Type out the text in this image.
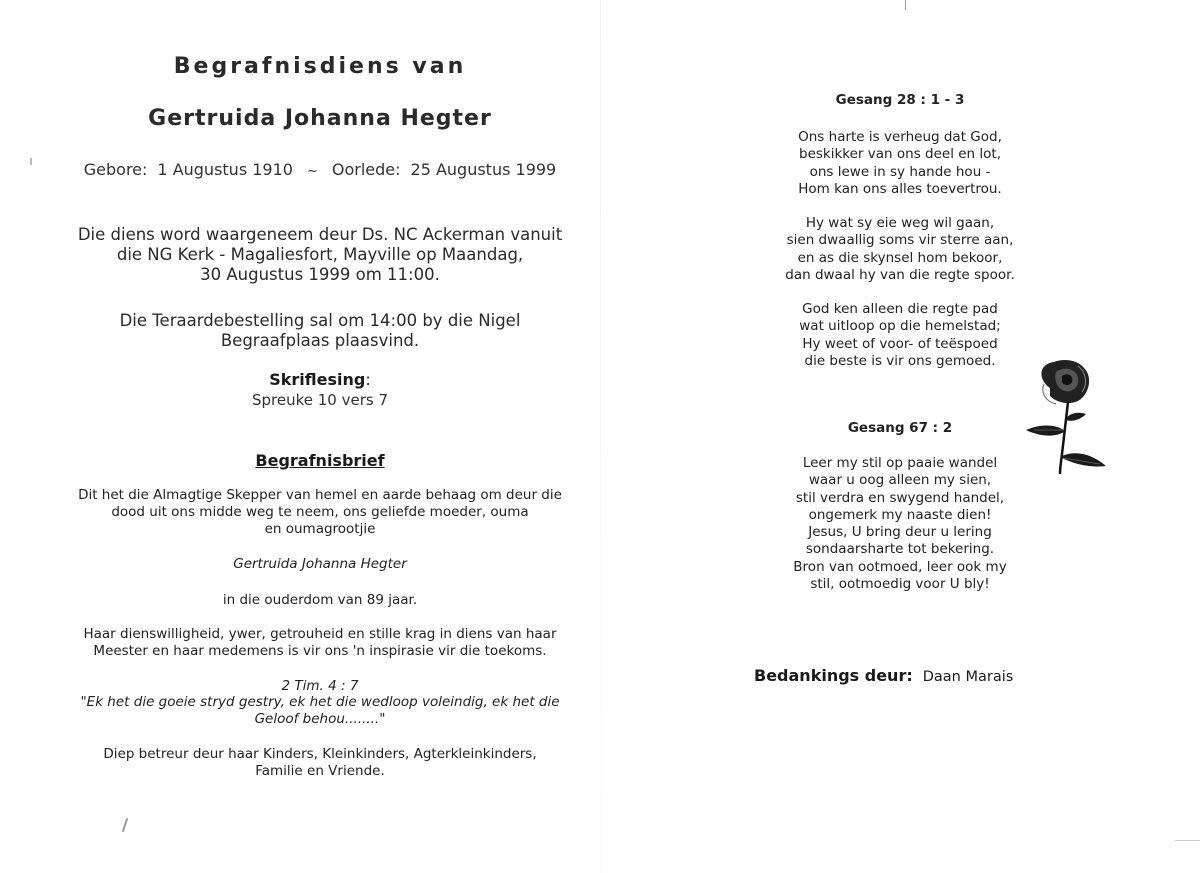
Begrafnisdiens van
Gertruida Johanna Hegter
Gebore: 1 Augustus 1910 ~ Oorlede: 25 Augustus 1999
Die diens word waargeneem deur Ds. NC Ackerman vanuit
die NG Kerk - Magaliesfort, Mayville op Maandag,
30 Augustus 1999 om 11:00.
Die Teraardebestelling sal om 14:00 by die Nigel
Begraafplaas plaasvind.
Skriflesing:
Spreuke 10 vers 7
Begrafnisbrief
Dit het die Almagtige Skepper van hemel en aarde behaag om deur die
dood uit ons midde weg te neem, ons geliefde moeder, ouma
en oumagrootjie
Gertruida Johanna Hegter
in die ouderdom van 89 jaar.
Haar dienswilligheid, ywer, getrouheid en stille krag in diens van haar
Meester en haar medemens is vir ons 'n inspirasie vir die toekoms.
2 Tim. 4 : 7
"Ek het die goeie stryd gestry, ek het die wedloop voleindig, ek het die
Geloof behou........"
Diep betreur deur haar Kinders, Kleinkinders, Agterkleinkinders,
Familie en Vriende.
Gesang 28 : 1 - 3
Ons harte is verheug dat God,
beskikker van ons deel en lot,
ons lewe in sy hande hou -
Hom kan ons alles toevertrou.
Hy wat sy eie weg wil gaan,
sien dwaallig soms vir sterre aan,
en as die skynsel hom bekoor,
dan dwaal hy van die regte spoor.
God ken alleen die regte pad
wat uitloop op die hemelstad;
Hy weet of voor- of teëspoed
die beste is vir ons gemoed.
Gesang 67 : 2
Leer my stil op paaie wandel
waar u oog alleen my sien,
stil verdra en swygend handel,
ongemerk my naaste dien!
Jesus, U bring deur u lering
sondaarsharte tot bekering.
Bron van ootmoed, leer ook my
stil, ootmoedig voor U bly!
Bedankings deur: Daan Marais
